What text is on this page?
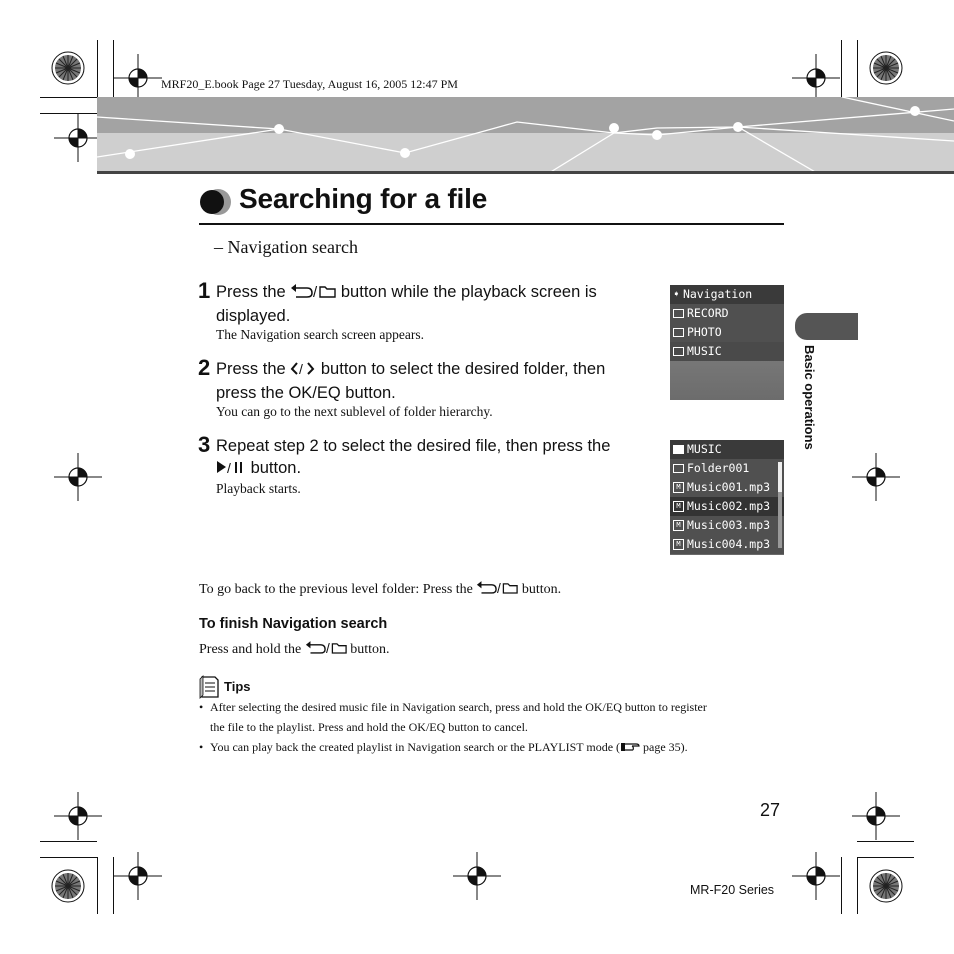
MRF20_E.book Page 27 Tuesday, August 16, 2005 12:47 PM
Searching for a file
– Navigation search
1 Press the / button while the playback screen is
displayed.
The Navigation search screen appears.
2 Press the / button to select the desired folder, then
press the OK/EQ button.
You can go to the next sublevel of folder hierarchy.
3 Repeat step 2 to select the desired file, then press the

/ button.
Playback starts.
➧ Navigation
RECORD
PHOTO
MUSIC
MUSIC
Folder001
M Music001.mp3
M Music002.mp3
M Music003.mp3
M Music004.mp3
Basic operations
To go back to the previous level folder: Press the / button.
To finish Navigation search
Press and hold the / button.
Tips
• After selecting the desired music file in Navigation search, press and hold the OK/EQ button to register
the file to the playlist. Press and hold the OK/EQ button to cancel.
• You can play back the created playlist in Navigation search or the PLAYLIST mode ( page 35).
27
MR-F20 Series
